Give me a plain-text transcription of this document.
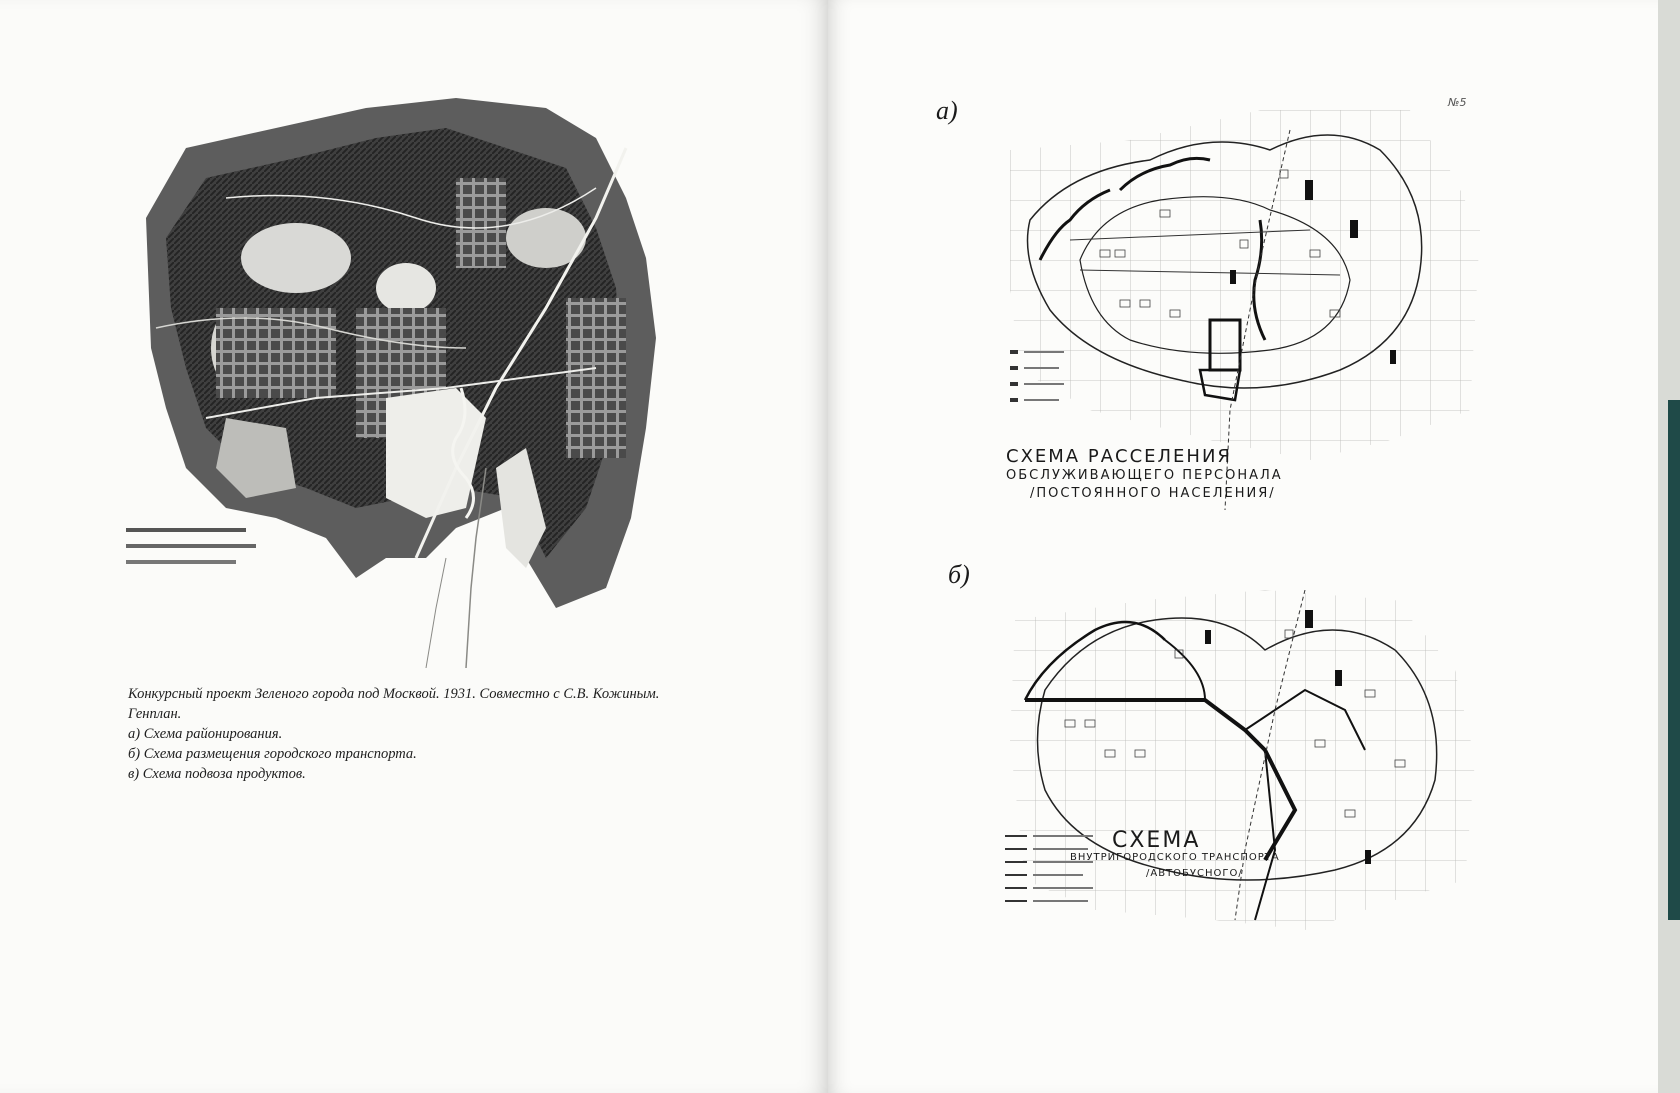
Конкурсный проект Зеленого города под Москвой. 1931. Совместно с С.В. Кожиным.
Генплан.
а) Схема районирования.
б) Схема размещения городского транспорта.
в) Схема подвоза продуктов.
а)	№5
СХЕМА РАССЕЛЕНИЯ
ОБСЛУЖИВАЮЩЕГО ПЕРСОНАЛА
/ПОСТОЯННОГО НАСЕЛЕНИЯ/
б)
СХЕМА
ВНУТРИГОРОДСКОГО ТРАНСПОРТА
/АВТОБУСНОГО/
